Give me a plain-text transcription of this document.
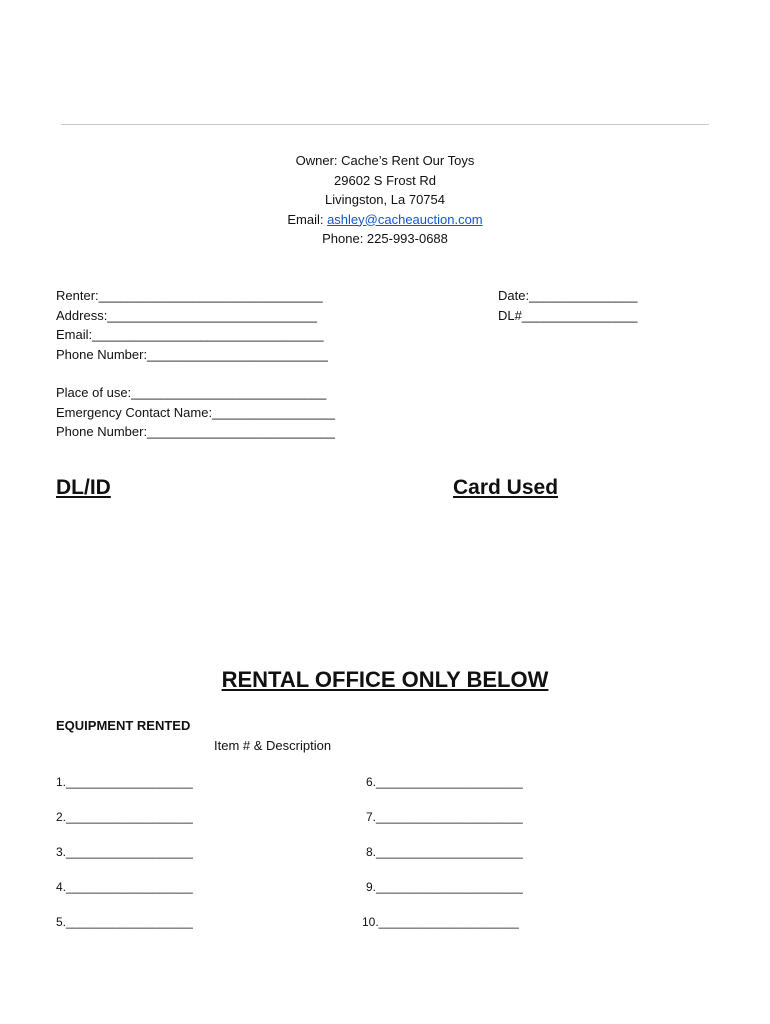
Owner: Cache’s Rent Our Toys
29602 S Frost Rd
Livingston, La 70754
Email: ashley@cacheauction.com
Phone: 225-993-0688
Renter:_______________________________
Address:_____________________________
Email:________________________________
Phone Number:_________________________
Date:_______________
DL#________________
Place of use:___________________________
Emergency Contact Name:_________________
Phone Number:__________________________
DL/ID	Card Used
RENTAL OFFICE ONLY BELOW
EQUIPMENT RENTED
Item # & Description
1.___________________
2.___________________
3.___________________
4.___________________
5.___________________
6.______________________
7.______________________
8.______________________
9.______________________
10._____________________
